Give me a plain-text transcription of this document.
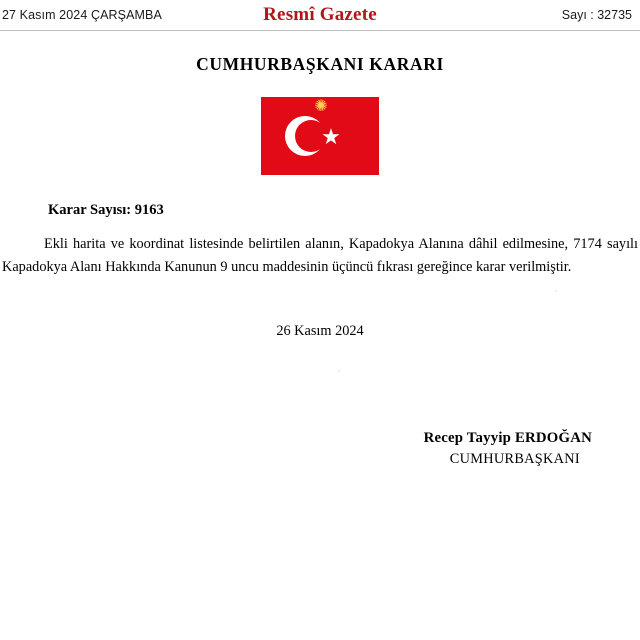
27 Kasım 2024 ÇARŞAMBA	Resmî Gazete	Sayı : 32735
CUMHURBAŞKANI KARARI
✺
★
Karar Sayısı: 9163
Ekli harita ve koordinat listesinde belirtilen alanın, Kapadokya Alanına dâhil edilmesine, 7174 sayılı Kapadokya Alanı Hakkında Kanunun 9 uncu maddesinin üçüncü fıkrası gereğince karar verilmiştir.
26 Kasım 2024
Recep Tayyip ERDOĞAN
CUMHURBAŞKANI
